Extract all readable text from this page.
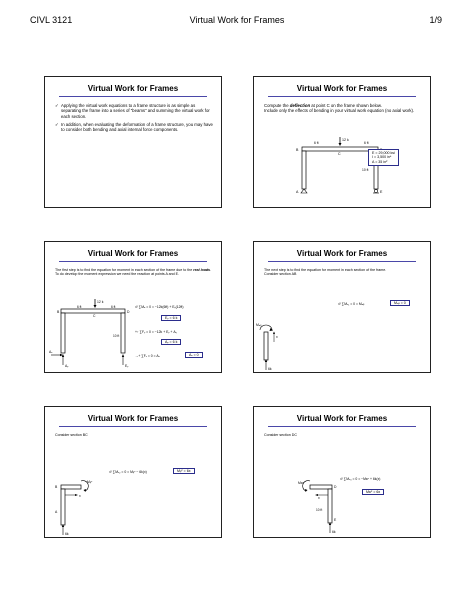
CIVL 3121	Virtual Work for Frames	1/9
Virtual Work for Frames
✓ Applying the virtual work equations to a frame structure is as simple as separating the frame into a series of “beams” and summing the virtual work for each section.
✓ In addition, when evaluating the deformation of a frame structure, you may have to consider both bending and axial internal force components.
Virtual Work for Frames
Compute the deflection at point C on the frame shown below.
Include only the effects of bending in your virtual work equation (no axial work).
12 k
6 ft	6 ft
B
C
10 ft
A	E
E = 29,000 ksi
I = 3,500 in⁴
A = 35 in²
Virtual Work for Frames
The first step is to find the equation for moment in each section of the frame due to the real loads.
To do develop the moment expression we need the reaction at points A and E.
12 k
6 ft	6 ft
B
C
D
10 ft
Aₓ
Aᵧ	Eᵧ
↺ ∑Mₐ = 0 = −12k(6ft) + Eᵧ(12ft)
Eᵧ = 6 k
+↑ ∑Fᵧ = 0 = −12k + Eᵧ + Aᵧ
Aᵧ = 6 k
→+ ∑Fₓ = 0 = Aₓ	Aₓ = 0
Virtual Work for Frames
The next step is to find the equation for moment in each section of the frame.
Consider section AB
↺ ∑Mₓ₁ = 0 = Mₐᵦ	Mₐᵦ = 0
Mₐᵦ
x
6k
Virtual Work for Frames
Consider section BC
↺ ∑Mₓ₂ = 0 = Mᵦᶜ − 6k(x)	Mᵦᶜ = 6x
Mᵦᶜ
B
A
x
6k
Virtual Work for Frames
Consider section DC
↺ ∑Mₓ₃ = 0 = −Mᴅᶜ + 6k(x)
Mᴅᶜ = 6x
Mᴅᶜ
D
E
x
10 ft
6k
